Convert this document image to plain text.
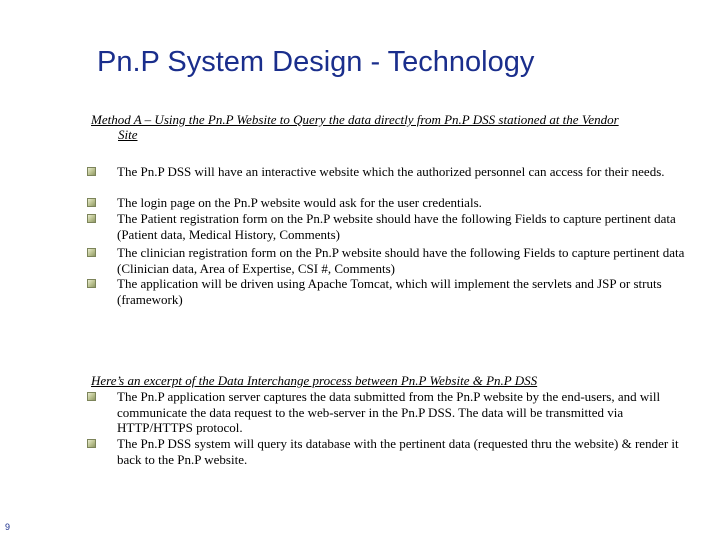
Pn.P System Design - Technology
Method A – Using the Pn.P Website to Query the data directly from Pn.P DSS stationed at the Vendor
Site
The Pn.P DSS will have an interactive website which the authorized personnel can access for their needs.
The login page on the Pn.P website would ask for the user credentials.
The Patient registration form on the Pn.P website should have the following Fields to capture pertinent data (Patient data, Medical History, Comments)
The clinician registration form on the Pn.P website should have the following Fields to capture pertinent data (Clinician data, Area of Expertise, CSI #, Comments)
The application will be driven using Apache Tomcat, which will implement the servlets and JSP or struts (framework)
Here’s an excerpt of the Data Interchange process between Pn.P Website & Pn.P DSS
The Pn.P application server captures the data submitted from the Pn.P website by the end-users, and will communicate the data request to the web-server in the Pn.P DSS. The data will be transmitted via HTTP/HTTPS protocol.
The Pn.P DSS system will query its database with the pertinent data (requested thru the website) & render it back to the Pn.P website.
9
